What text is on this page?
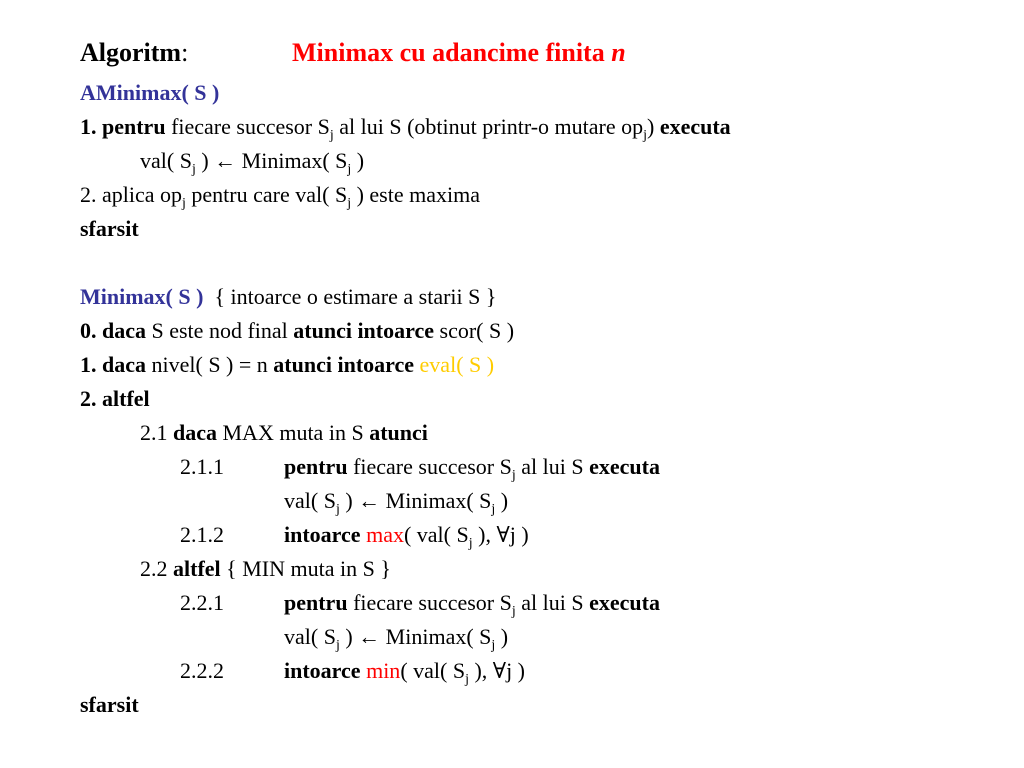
Algoritm:	Minimax cu adancime finita n
AMinimax( S )
1. pentru fiecare succesor $S_j$ al lui S (obtinut printr-o mutare $op_j$) executa
val( $S_j$ ) ← Minimax( $S_j$ )
2. aplica $op_j$ pentru care val( $S_j$ ) este maxima
sfarsit
Minimax( S ) { intoarce o estimare a starii S }
0. daca S este nod final atunci intoarce scor( S )
1. daca nivel( S ) = n atunci intoarce eval( S )
2. altfel
2.1 daca MAX muta in S atunci
2.1.1	pentru fiecare succesor $S_j$ al lui S executa
val( $S_j$ ) ← Minimax( $S_j$ )
2.1.2	intoarce max( val( $S_j$ ), ∀j )
2.2 altfel { MIN muta in S }
2.2.1	pentru fiecare succesor $S_j$ al lui S executa
val( $S_j$ ) ← Minimax( $S_j$ )
2.2.2	intoarce min( val( $S_j$ ), ∀j )
sfarsit
